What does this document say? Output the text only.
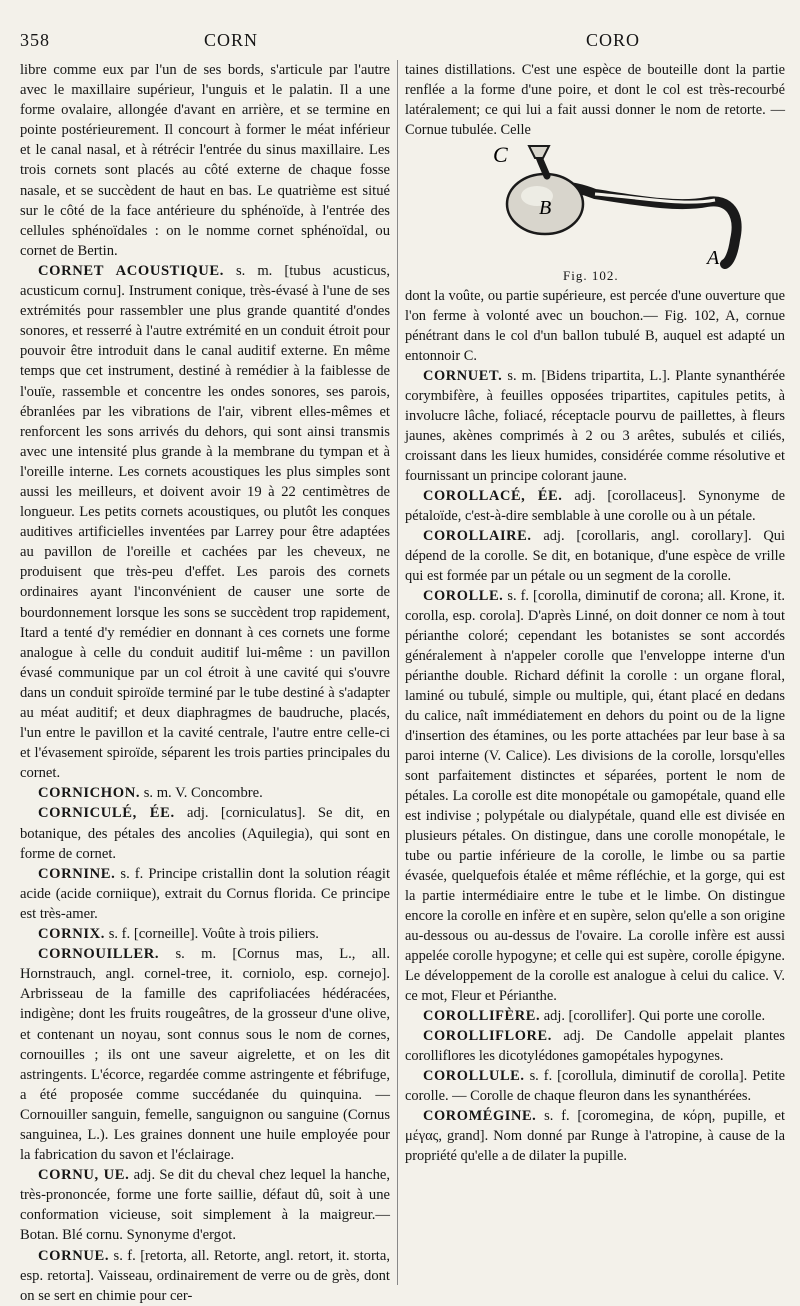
358	CORN	CORO

libre comme eux par l'un de ses bords, s'articule par l'autre avec le maxillaire supérieur, l'unguis et le palatin. Il a une forme ovalaire, allongée d'avant en arrière, et se termine en pointe postérieurement. Il concourt à former le méat inférieur et le canal nasal, et à rétrécir l'entrée du sinus maxillaire. Les trois cornets sont placés au côté externe de chaque fosse nasale, et se succèdent de haut en bas. Le quatrième est situé sur le côté de la face antérieure du sphénoïde, à l'entrée des cellules sphénoïdales : on le nomme cornet sphénoïdal, ou cornet de Bertin.

CORNET ACOUSTIQUE. s. m. [tubus acusticus, acusticum cornu]. Instrument conique, très-évasé à l'une de ses extrémités pour rassembler une plus grande quantité d'ondes sonores, et resserré à l'autre extrémité en un conduit étroit pour pouvoir être introduit dans le canal auditif externe. En même temps que cet instrument, destiné à remédier à la faiblesse de l'ouïe, rassemble et concentre les ondes sonores, ses parois, ébranlées par les vibrations de l'air, vibrent elles-mêmes et renforcent les sons arrivés du dehors, qui sont ainsi transmis avec une intensité plus grande à la membrane du tympan et à l'oreille interne. Les cornets acoustiques les plus simples sont aussi les meilleurs, et doivent avoir 19 à 22 centimètres de longueur. Les petits cornets acoustiques, ou plutôt les conques auditives artificielles inventées par Larrey pour être adaptées au pavillon de l'oreille et cachées par les cheveux, ne produisent que très-peu d'effet. Les parois des cornets ordinaires ayant l'inconvénient de causer une sorte de bourdonnement lorsque les sons se succèdent trop rapidement, Itard a tenté d'y remédier en donnant à ces cornets une forme analogue à celle du conduit auditif lui-même : un pavillon évasé communique par un col étroit à une cavité qui s'ouvre dans un conduit spiroïde terminé par le tube destiné à s'adapter au méat auditif; et deux diaphragmes de baudruche, placés, l'un entre le pavillon et la cavité centrale, l'autre entre celle-ci et l'évasement spiroïde, séparent les trois parties principales du cornet.

CORNICHON. s. m. V. Concombre.

CORNICULÉ, ÉE. adj. [corniculatus]. Se dit, en botanique, des pétales des ancolies (Aquilegia), qui sont en forme de cornet.

CORNINE. s. f. Principe cristallin dont la solution réagit acide (acide corniique), extrait du Cornus florida. Ce principe est très-amer.

CORNIX. s. f. [corneille]. Voûte à trois piliers.

CORNOUILLER. s. m. [Cornus mas, L., all. Hornstrauch, angl. cornel-tree, it. corniolo, esp. cornejo]. Arbrisseau de la famille des caprifoliacées hédéracées, indigène; dont les fruits rougeâtres, de la grosseur d'une olive, et contenant un noyau, sont connus sous le nom de cornes, cornouilles ; ils ont une saveur aigrelette, et on les dit astringents. L'écorce, regardée comme astringente et fébrifuge, a été proposée comme succédanée du quinquina. — Cornouiller sanguin, femelle, sanguignon ou sanguine (Cornus sanguinea, L.). Les graines donnent une huile employée pour la fabrication du savon et l'éclairage.

CORNU, UE. adj. Se dit du cheval chez lequel la hanche, très-prononcée, forme une forte saillie, défaut dû, soit à une conformation vicieuse, soit simplement à la maigreur.— Botan. Blé cornu. Synonyme d'ergot.

CORNUE. s. f. [retorta, all. Retorte, angl. retort, it. storta, esp. retorta]. Vaisseau, ordinairement de verre ou de grès, dont on se sert en chimie pour cer-

taines distillations. C'est une espèce de bouteille dont la partie renflée a la forme d'une poire, et dont le col est très-recourbé latéralement; ce qui lui a fait aussi donner le nom de retorte. — Cornue tubulée. Celle

C
B
A
Fig. 102.

dont la voûte, ou partie supérieure, est percée d'une ouverture que l'on ferme à volonté avec un bouchon.— Fig. 102, A, cornue pénétrant dans le col d'un ballon tubulé B, auquel est adapté un entonnoir C.

CORNUET. s. m. [Bidens tripartita, L.]. Plante synanthérée corymbifère, à feuilles opposées tripartites, capitules petits, à involucre lâche, foliacé, réceptacle pourvu de paillettes, à fleurs jaunes, akènes comprimés à 2 ou 3 arêtes, subulés et ciliés, croissant dans les lieux humides, considérée comme résolutive et fournissant un principe colorant jaune.

COROLLACÉ, ÉE. adj. [corollaceus]. Synonyme de pétaloïde, c'est-à-dire semblable à une corolle ou à un pétale.

COROLLAIRE. adj. [corollaris, angl. corollary]. Qui dépend de la corolle. Se dit, en botanique, d'une espèce de vrille qui est formée par un pétale ou un segment de la corolle.

COROLLE. s. f. [corolla, diminutif de corona; all. Krone, it. corolla, esp. corola]. D'après Linné, on doit donner ce nom à tout périanthe coloré; cependant les botanistes se sont accordés généralement à n'appeler corolle que l'enveloppe interne d'un périanthe double. Richard définit la corolle : un organe floral, laminé ou tubulé, simple ou multiple, qui, étant placé en dedans du calice, naît immédiatement en dehors du point ou de la ligne d'insertion des étamines, ou les porte attachées par leur base à sa paroi interne (V. Calice). Les divisions de la corolle, lorsqu'elles sont parfaitement distinctes et séparées, portent le nom de pétales. La corolle est dite monopétale ou gamopétale, quand elle est indivise ; polypétale ou dialypétale, quand elle est divisée en plusieurs pétales. On distingue, dans une corolle monopétale, le tube ou partie inférieure de la corolle, le limbe ou sa partie évasée, quelquefois étalée et même réfléchie, et la gorge, qui est la partie intermédiaire entre le tube et le limbe. On distingue encore la corolle en infère et en supère, selon qu'elle a son origine au-dessous ou au-dessus de l'ovaire. La corolle infère est aussi appelée corolle hypogyne; et celle qui est supère, corolle épigyne. Le développement de la corolle est analogue à celui du calice. V. ce mot, Fleur et Périanthe.

COROLLIFÈRE. adj. [corollifer]. Qui porte une corolle.

COROLLIFLORE. adj. De Candolle appelait plantes corolliflores les dicotylédones gamopétales hypogynes.

COROLLULE. s. f. [corollula, diminutif de corolla]. Petite corolle. — Corolle de chaque fleuron dans les synanthérées.

COROMÉGINE. s. f. [coromegina, de κόρη, pupille, et μέγας, grand]. Nom donné par Runge à l'atropine, à cause de la propriété qu'elle a de dilater la pupille.
